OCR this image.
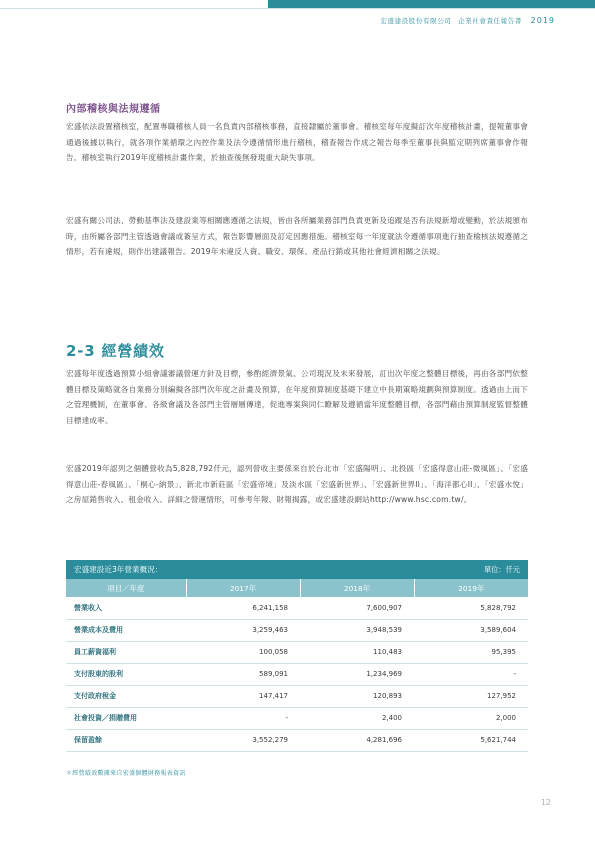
宏盛建設股份有限公司 企業社會責任報告書 2019
內部稽核與法規遵循

宏盛依法設置稽核室，配置專職稽核人員一名負責內部稽核事務，直接隸屬於董事會。稽核室每年度擬訂次年度稽核計畫，提報董事會通過後據以執行，就各項作業循環之內控作業及法令遵循情形進行稽核，稽查報告作成之報告每季至董事長與監定期列席董事會作報告。稽核室執行2019年度稽核計畫作業，於抽查後無發現重大缺失事項。

宏盛有關公司法、勞動基準法及建設業等相關應遵循之法規，皆由各所屬業務部門負責更新及追蹤是否有法規新增或變動，於法規頒布時，由所屬各部門主管透過會議或簽呈方式，報告影響層面及訂定因應措施。稽核室每一年度就法令遵循事項進行抽查檢核法規遵循之情形，若有違規，則作出建議報告。2019年未違反人資、職安、環保、產品行銷或其他社會經濟相關之法規。

2-3 經營績效

宏盛每年度透過預算小組會議審議營運方針及目標，參酌經濟景氣、公司現況及未來發展，訂出次年度之整體目標後，再由各部門依整體目標及策略就各自業務分別編擬各部門次年度之計畫及預算，在年度預算制度基礎下建立中長期策略規劃與預算制度。透過由上而下之管理機制，在董事會、各級會議及各部門主管層層傳達，促進專案與同仁瞭解及遵循當年度整體目標，各部門藉由預算制度監督整體目標達成率。

宏盛2019年認列之個體營收為5,828,792仟元，認列營收主要係來自於台北市「宏盛陽明」、北投區「宏盛得意山莊-微風區」、「宏盛得意山莊-春風區」、「桐心-納景」、新北市新莊區「宏盛帝境」及淡水區「宏盛新世界」、「宏盛新世界II」、「海洋都心II」、「宏盛水悅」之房屋銷售收入、租金收入、詳細之營運情形，可參考年報、財報揭露，或宏盛建設網站http://www.hsc.com.tw/。

宏盛建設近3年營業概況：	單位：仟元
項目／年度	2017年	2018年	2019年
營業收入	6,241,158	7,600,907	5,828,792
營業成本及費用	3,259,463	3,948,539	3,589,604
員工薪資福利	100,058	110,483	95,395
支付股東的股利	589,091	1,234,969	-
支付政府稅金	147,417	120,893	127,952
社會投資／捐贈費用	-	2,400	2,000
保留盈餘	3,552,279	4,281,696	5,621,744
＊經營績效數據來自宏盛個體財務報表資訊
12
